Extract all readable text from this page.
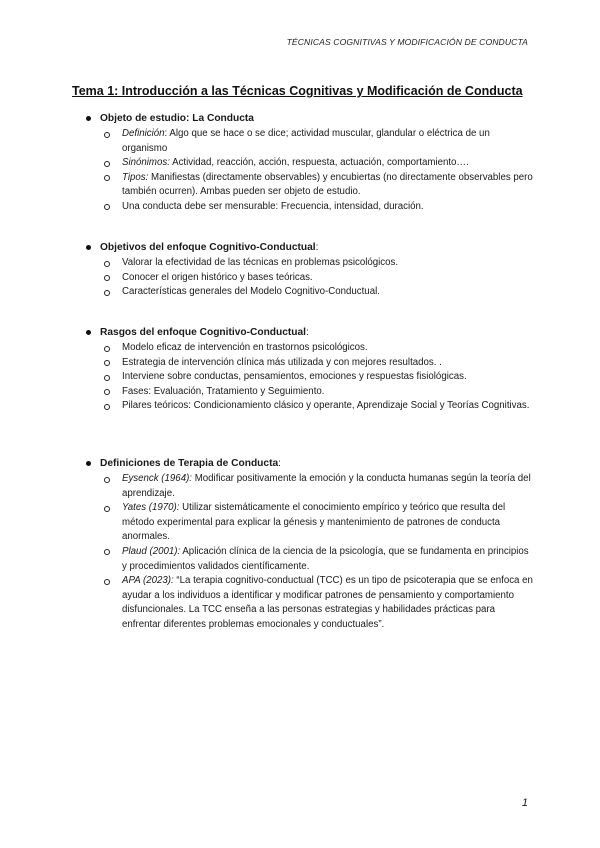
TÉCNICAS COGNITIVAS Y MODIFICACIÓN DE CONDUCTA
Tema 1: Introducción a las Técnicas Cognitivas y Modificación de Conducta
Objeto de estudio: La Conducta
Definición: Algo que se hace o se dice; actividad muscular, glandular o eléctrica de un organismo
Sinónimos: Actividad, reacción, acción, respuesta, actuación, comportamiento….
Tipos: Manifiestas (directamente observables) y encubiertas (no directamente observables pero también ocurren). Ambas pueden ser objeto de estudio.
Una conducta debe ser mensurable: Frecuencia, intensidad, duración.
Objetivos del enfoque Cognitivo-Conductual:
Valorar la efectividad de las técnicas en problemas psicológicos.
Conocer el origen histórico y bases teóricas.
Características generales del Modelo Cognitivo-Conductual.
Rasgos del enfoque Cognitivo-Conductual:
Modelo eficaz de intervención en trastornos psicológicos.
Estrategia de intervención clínica más utilizada y con mejores resultados. .
Interviene sobre conductas, pensamientos, emociones y respuestas fisiológicas.
Fases: Evaluación, Tratamiento y Seguimiento.
Pilares teóricos: Condicionamiento clásico y operante, Aprendizaje Social y Teorías Cognitivas.
Definiciones de Terapia de Conducta:
Eysenck (1964): Modificar positivamente la emoción y la conducta humanas según la teoría del aprendizaje.
Yates (1970): Utilizar sistemáticamente el conocimiento empírico y teórico que resulta del método experimental para explicar la génesis y mantenimiento de patrones de conducta anormales.
Plaud (2001): Aplicación clínica de la ciencia de la psicología, que se fundamenta en principios y procedimientos validados científicamente.
APA (2023): “La terapia cognitivo-conductual (TCC) es un tipo de psicoterapia que se enfoca en ayudar a los individuos a identificar y modificar patrones de pensamiento y comportamiento disfuncionales. La TCC enseña a las personas estrategias y habilidades prácticas para enfrentar diferentes problemas emocionales y conductuales”.
1
